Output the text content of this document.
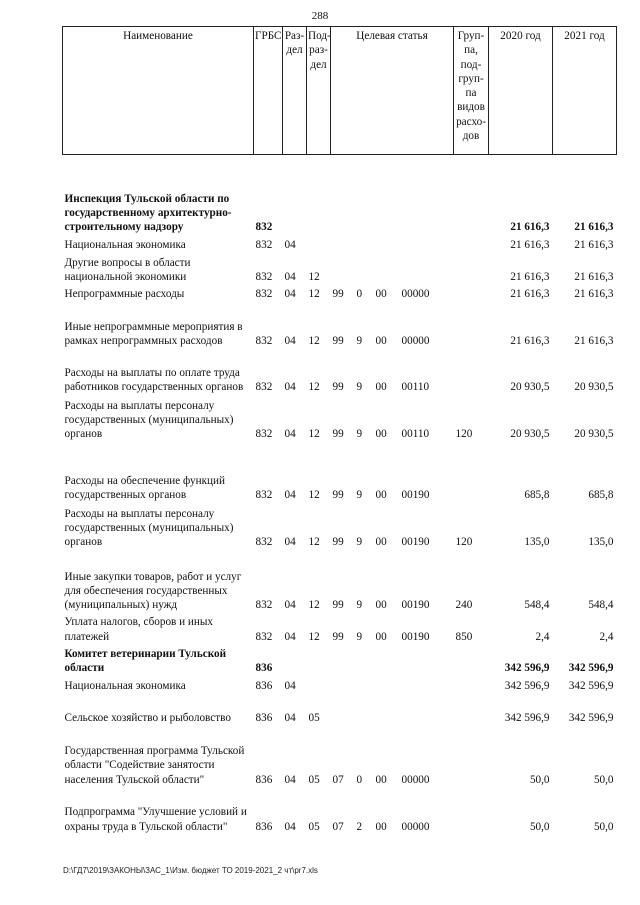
288
Наименование	ГРБС	Раз-дел	Под-раз-дел	Целевая статья				Груп-па, под-груп-па видов расхо-дов	2020 год	2021 год
Инспекция Тульской области по государственному архитектурно-строительному надзору	832								21 616,3	21 616,3
Национальная экономика	832	04							21 616,3	21 616,3
Другие вопросы в области национальной экономики	832	04	12						21 616,3	21 616,3
Непрограммные расходы	832	04	12	99	0	00	00000		21 616,3	21 616,3
Иные непрограммные мероприятия в рамках непрограммных расходов	832	04	12	99	9	00	00000		21 616,3	21 616,3
Расходы на выплаты по оплате труда работников государственных органов	832	04	12	99	9	00	00110		20 930,5	20 930,5
Расходы на выплаты персоналу государственных (муниципальных) органов	832	04	12	99	9	00	00110	120	20 930,5	20 930,5
Расходы на обеспечение функций государственных органов	832	04	12	99	9	00	00190		685,8	685,8
Расходы на выплаты персоналу государственных (муниципальных) органов	832	04	12	99	9	00	00190	120	135,0	135,0
Иные закупки товаров, работ и услуг для обеспечения государственных (муниципальных) нужд	832	04	12	99	9	00	00190	240	548,4	548,4
Уплата налогов, сборов и иных платежей	832	04	12	99	9	00	00190	850	2,4	2,4
Комитет ветеринарии Тульской области	836								342 596,9	342 596,9
Национальная экономика	836	04							342 596,9	342 596,9
Сельское хозяйство и рыболовство	836	04	05						342 596,9	342 596,9
Государственная программа Тульской области "Содействие занятости населения Тульской области"	836	04	05	07	0	00	00000		50,0	50,0
Подпрограмма "Улучшение условий и охраны труда в Тульской области"	836	04	05	07	2	00	00000		50,0	50,0
D:\ГД7\2019\ЗАКОНЫ\ЗАС_1\Изм. бюджет ТО 2019-2021_2 чт\pr7.xls
